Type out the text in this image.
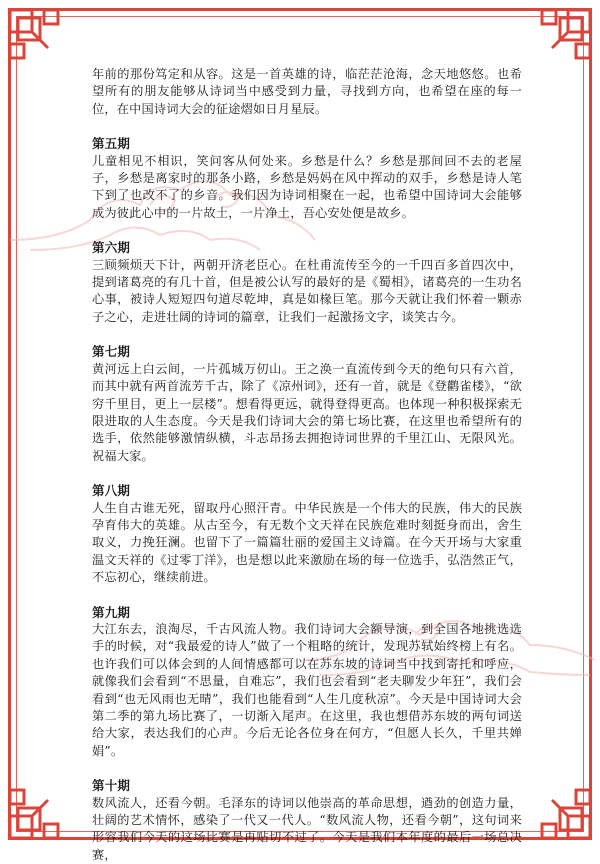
年前的那份笃定和从容。这是一首英雄的诗，临茫茫沧海，念天地悠悠。也希望所有的朋友能够从诗词当中感受到力量，寻找到方向，也希望在座的每一位，在中国诗词大会的征途熠如日月星辰。

第五期

儿童相见不相识，笑问客从何处来。乡愁是什么？乡愁是那间回不去的老屋子，乡愁是离家时的那条小路，乡愁是妈妈在风中挥动的双手，乡愁是诗人笔下到了也改不了的乡音。我们因为诗词相聚在一起，也希望中国诗词大会能够成为彼此心中的一片故土，一片净土，吾心安处便是故乡。

第六期

三顾频烦天下计，两朝开济老臣心。在杜甫流传至今的一千四百多首四次中，提到诸葛亮的有几十首，但是被公认写的最好的是《蜀相》，诸葛亮的一生功名心事，被诗人短短四句道尽乾坤，真是如椽巨笔。那今天就让我们怀着一颗赤子之心，走进壮阔的诗词的篇章，让我们一起激扬文字，谈笑古今。

第七期

黄河远上白云间，一片孤城万仞山。王之涣一直流传到今天的绝句只有六首，而其中就有两首流芳千古，除了《凉州词》，还有一首，就是《登鹳雀楼》，“欲穷千里目，更上一层楼”。想看得更远，就得登得更高。也体现一种积极探索无限进取的人生态度。今天是我们诗词大会的第七场比赛，在这里也希望所有的选手，依然能够激情纵横，斗志昂扬去拥抱诗词世界的千里江山、无限风光。祝福大家。

第八期

人生自古谁无死，留取丹心照汗青。中华民族是一个伟大的民族，伟大的民族孕育伟大的英雄。从古至今，有无数个文天祥在民族危难时刻挺身而出，舍生取义，力挽狂澜。也留下了一篇篇壮丽的爱国主义诗篇。在今天开场与大家重温文天祥的《过零丁洋》，也是想以此来激励在场的每一位选手，弘浩然正气，不忘初心，继续前进。

第九期

大江东去，浪淘尽，千古风流人物。我们诗词大会额导演，到全国各地挑选选手的时候，对“我最爱的诗人”做了一个粗略的统计，发现苏轼始终榜上有名。也许我们可以体会到的人间情感都可以在苏东坡的诗词当中找到寄托和呼应，就像我们会看到“不思量，自难忘”，我们也会看到“老夫聊发少年狂”，我们会看到“也无风雨也无晴”，我们也能看到“人生几度秋凉”。今天是中国诗词大会第二季的第九场比赛了，一切渐入尾声。在这里，我也想借苏东坡的两句词送给大家，表达我们的心声。今后无论各位身在何方，“但愿人长久，千里共婵娟”。

第十期

数风流人，还看今朝。毛泽东的诗词以他崇高的革命思想，遒劲的创造力量，壮阔的艺术情怀，感染了一代又一代人。“数风流人物，还看今朝”，这句词来形容我们今天的这场比赛是再贴切不过了。今天是我们本年度的最后一场总决赛，
